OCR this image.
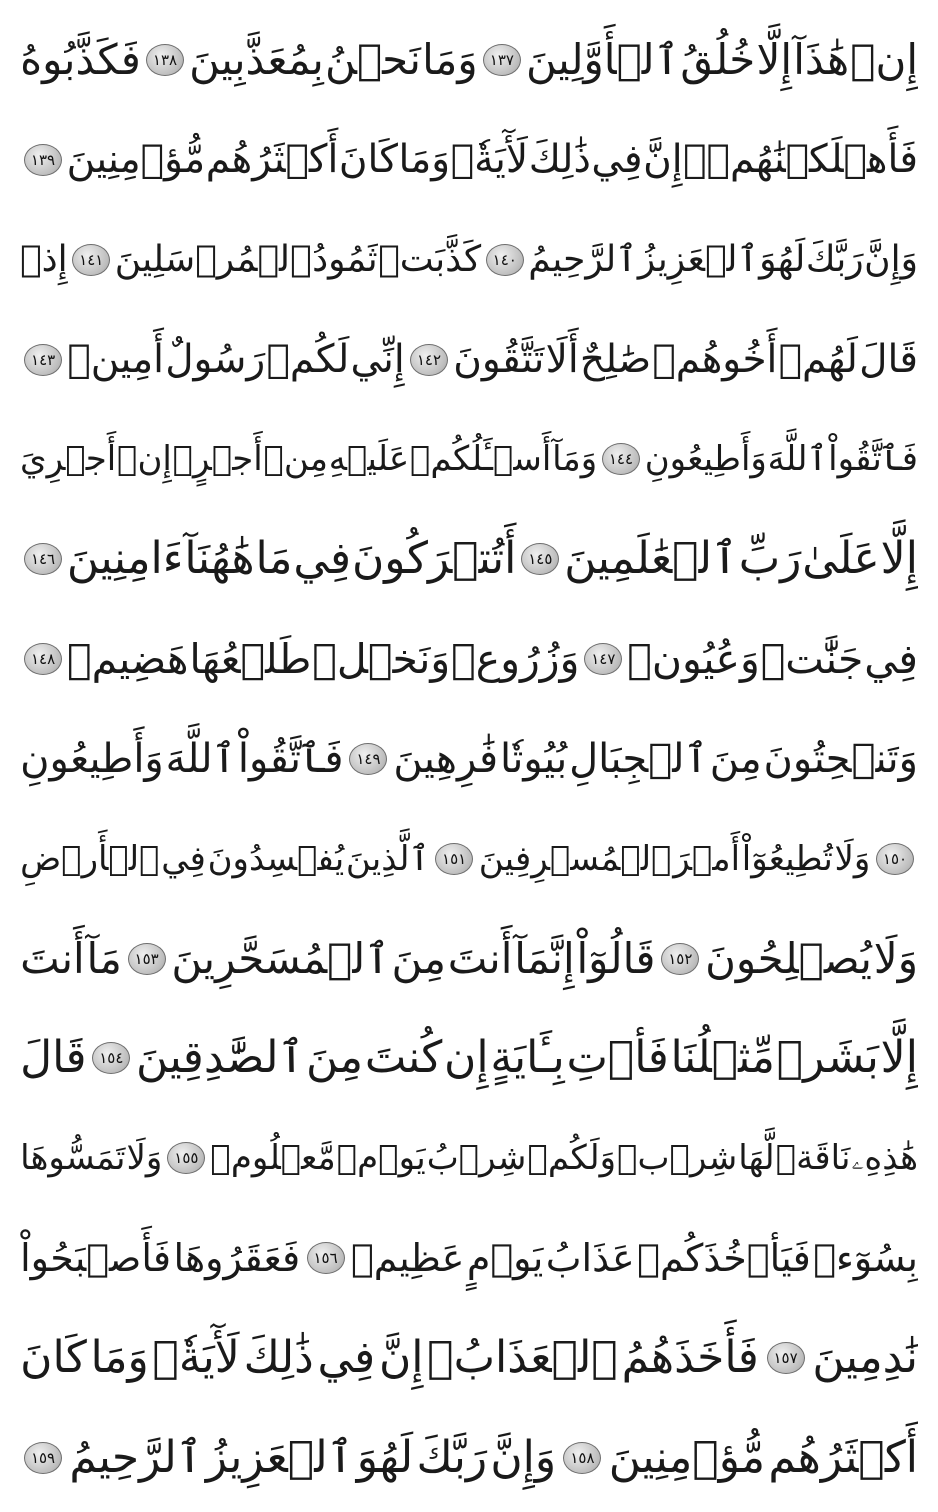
إِنۡ
هَٰذَآ
إِلَّا
خُلُقُ
ٱلۡأَوَّلِينَ
١٣٧
وَمَا
نَحۡنُ
بِمُعَذَّبِينَ
١٣٨
فَكَذَّبُوهُ
فَأَهۡلَكۡنَٰهُمۡۚ
إِنَّ
فِي
ذَٰلِكَ
لَأٓيَةٗۖ
وَمَا
كَانَ
أَكۡثَرُهُم
مُّؤۡمِنِينَ
١٣٩
وَإِنَّ
رَبَّكَ
لَهُوَ
ٱلۡعَزِيزُ
ٱلرَّحِيمُ
١٤٠
كَذَّبَتۡ
ثَمُودُ
ٱلۡمُرۡسَلِينَ
١٤١
إِذۡ
قَالَ
لَهُمۡ
أَخُوهُمۡ
صَٰلِحٌ
أَلَا
تَتَّقُونَ
١٤٢
إِنِّي
لَكُمۡ
رَسُولٌ
أَمِينٞ
١٤٣
فَٱتَّقُواْ
ٱللَّهَ
وَأَطِيعُونِ
١٤٤
وَمَآ
أَسۡـَٔلُكُمۡ
عَلَيۡهِ
مِنۡ
أَجۡرٍۖ
إِنۡ
أَجۡرِيَ
إِلَّا
عَلَىٰ
رَبِّ
ٱلۡعَٰلَمِينَ
١٤٥
أَتُتۡرَكُونَ
فِي
مَا
هَٰهُنَآ
ءَامِنِينَ
١٤٦
فِي
جَنَّٰتٖ
وَعُيُونٖ
١٤٧
وَزُرُوعٖ
وَنَخۡلٖ
طَلۡعُهَا
هَضِيمٞ
١٤٨
وَتَنۡحِتُونَ
مِنَ
ٱلۡجِبَالِ
بُيُوتٗا
فَٰرِهِينَ
١٤٩
فَٱتَّقُواْ
ٱللَّهَ
وَأَطِيعُونِ
١٥٠
وَلَا
تُطِيعُوٓاْ
أَمۡرَ
ٱلۡمُسۡرِفِينَ
١٥١
ٱلَّذِينَ
يُفۡسِدُونَ
فِي
ٱلۡأَرۡضِ
وَلَا
يُصۡلِحُونَ
١٥٢
قَالُوٓاْ
إِنَّمَآ
أَنتَ
مِنَ
ٱلۡمُسَحَّرِينَ
١٥٣
مَآ
أَنتَ
إِلَّا
بَشَرٞ
مِّثۡلُنَا
فَأۡتِ
بِـَٔايَةٍ
إِن
كُنتَ
مِنَ
ٱلصَّٰدِقِينَ
١٥٤
قَالَ
هَٰذِهِۦ
نَاقَةٞ
لَّهَا
شِرۡبٞ
وَلَكُمۡ
شِرۡبُ
يَوۡمٖ
مَّعۡلُومٖ
١٥٥
وَلَا
تَمَسُّوهَا
بِسُوٓءٖ
فَيَأۡخُذَكُمۡ
عَذَابُ
يَوۡمٍ
عَظِيمٖ
١٥٦
فَعَقَرُوهَا
فَأَصۡبَحُواْ
نَٰدِمِينَ
١٥٧
فَأَخَذَهُمُ
ٱلۡعَذَابُۚ
إِنَّ
فِي
ذَٰلِكَ
لَأٓيَةٗۖ
وَمَا
كَانَ
أَكۡثَرُهُم
مُّؤۡمِنِينَ
١٥٨
وَإِنَّ
رَبَّكَ
لَهُوَ
ٱلۡعَزِيزُ
ٱلرَّحِيمُ
١٥٩
